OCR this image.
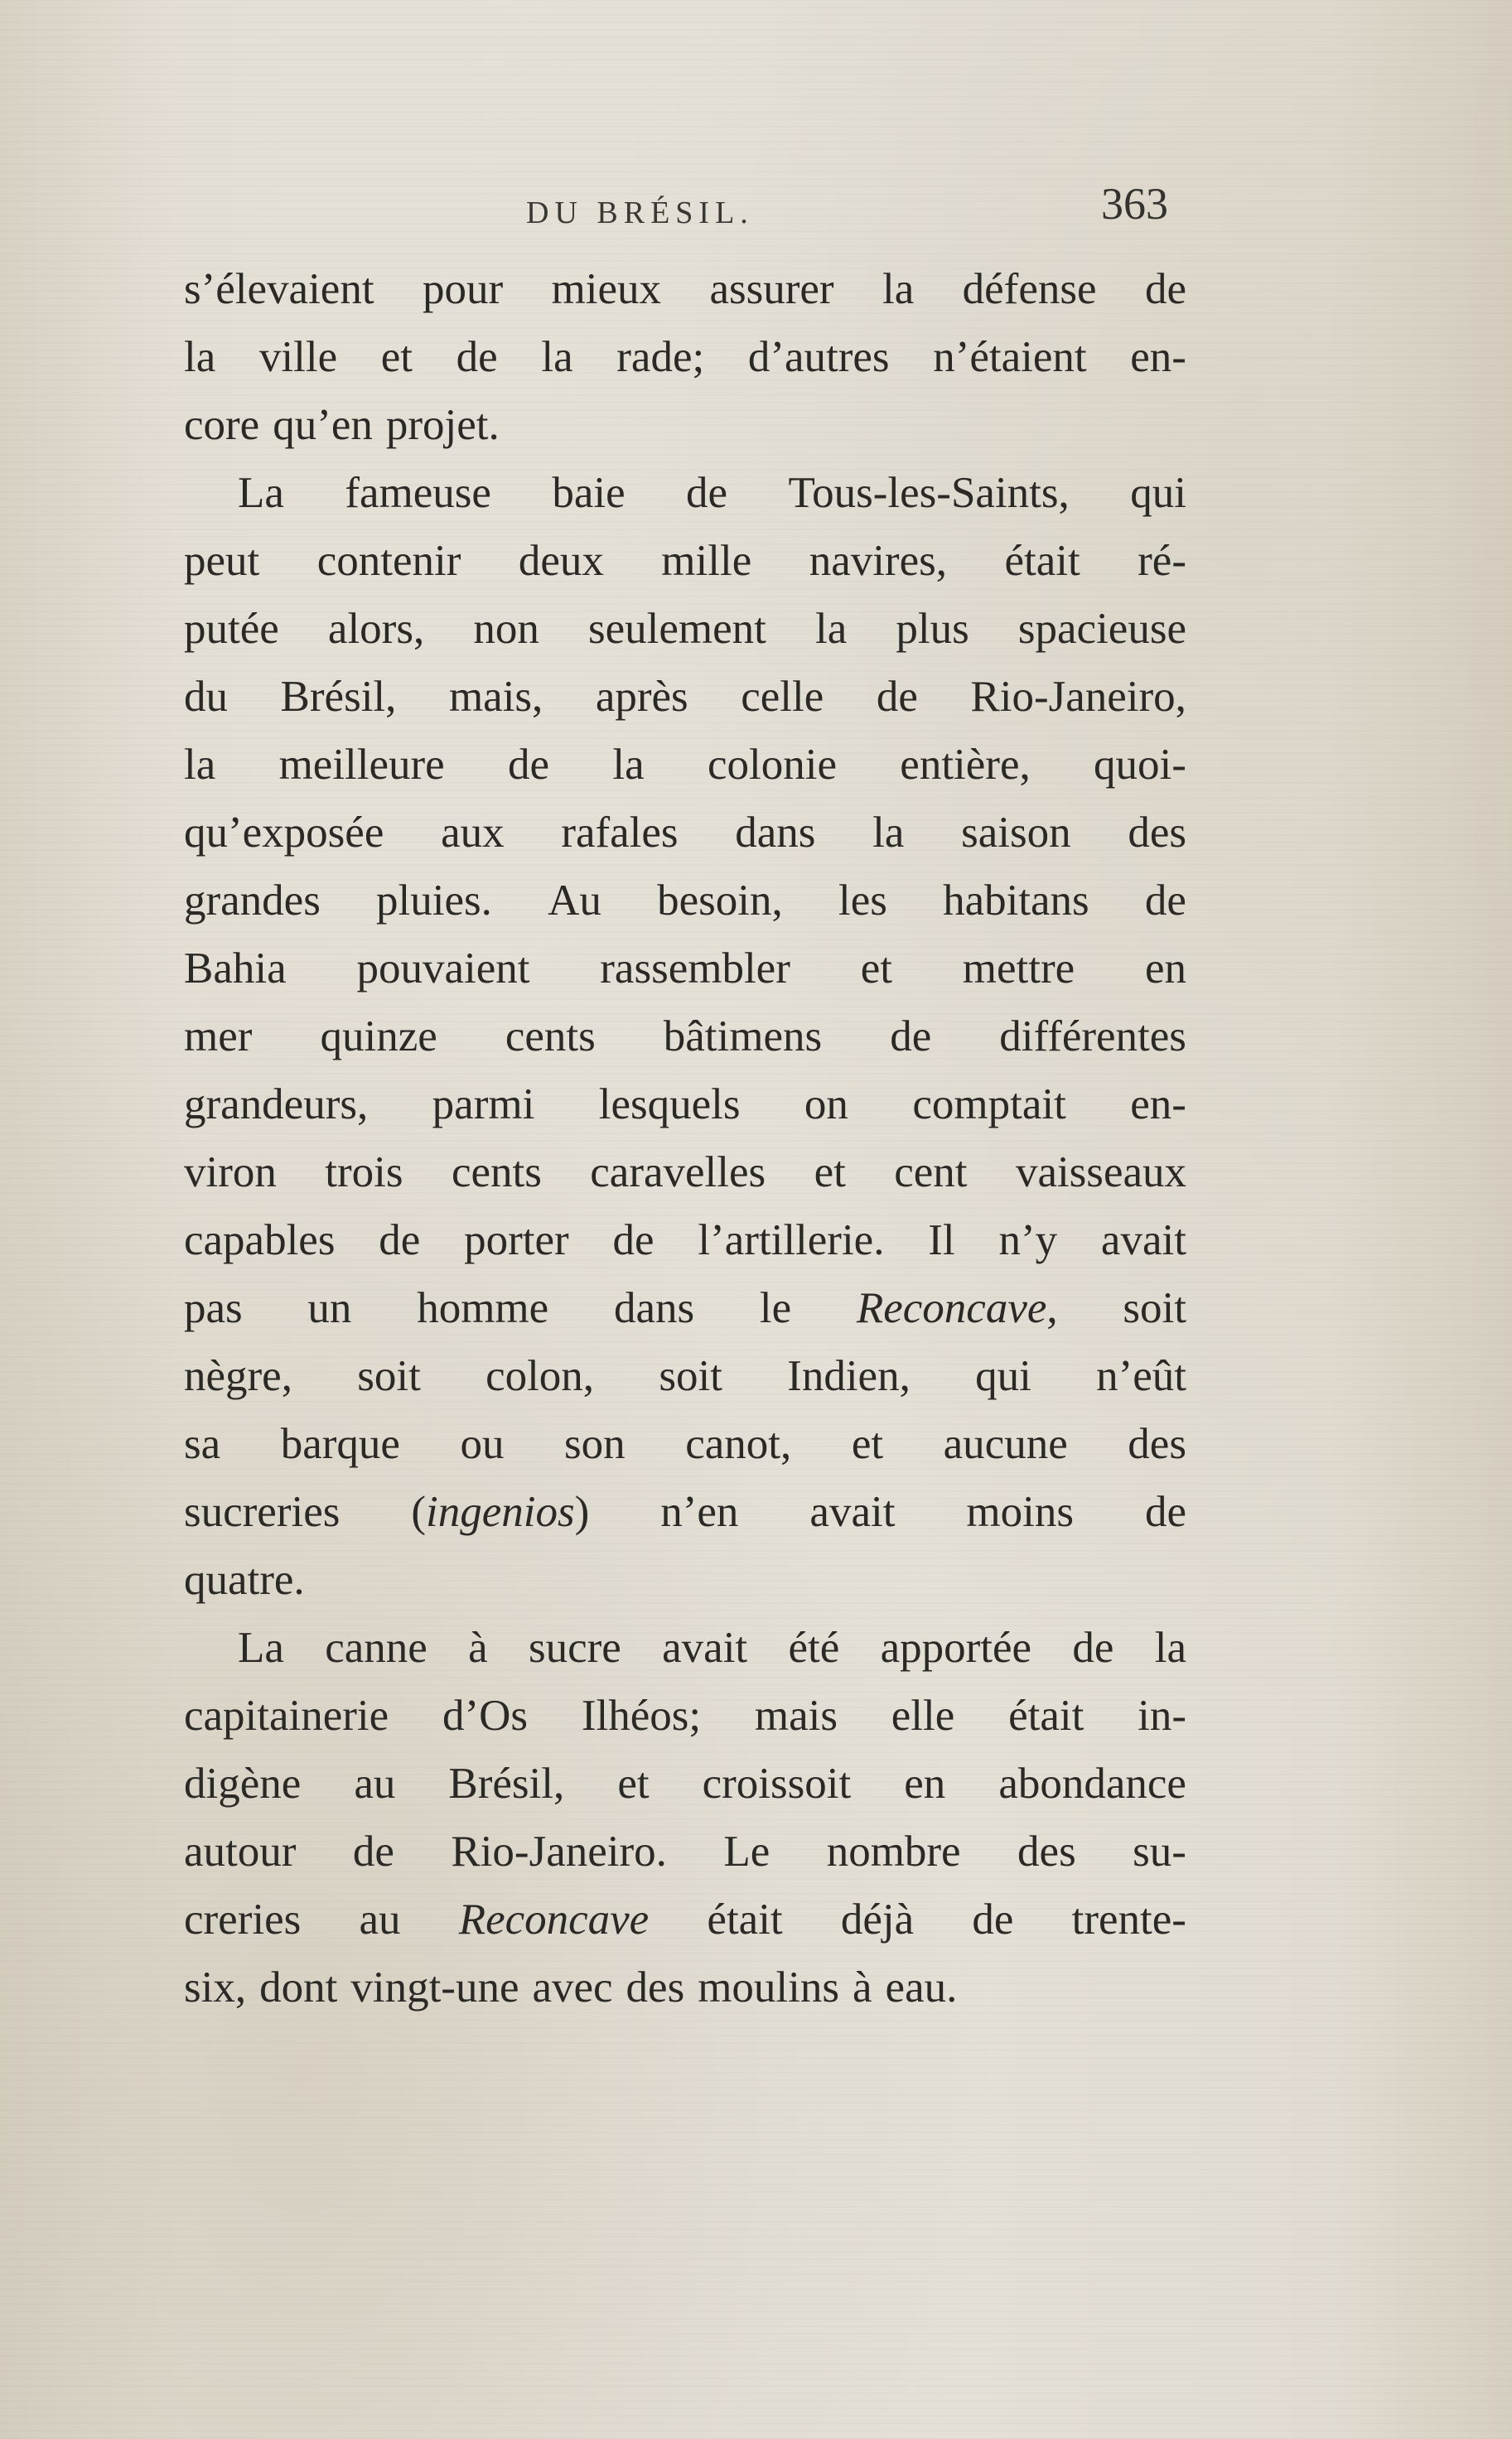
DU BRÉSIL.	363
s’élevaient pour mieux assurer la défense de
la ville et de la rade; d’autres n’étaient en-
core qu’en projet.
La fameuse baie de Tous-les-Saints, qui
peut contenir deux mille navires, était ré-
putée alors, non seulement la plus spacieuse
du Brésil, mais, après celle de Rio-Janeiro,
la meilleure de la colonie entière, quoi-
qu’exposée aux rafales dans la saison des
grandes pluies. Au besoin, les habitans de
Bahia pouvaient rassembler et mettre en
mer quinze cents bâtimens de différentes
grandeurs, parmi lesquels on comptait en-
viron trois cents caravelles et cent vaisseaux
capables de porter de l’artillerie. Il n’y avait
pas un homme dans le Reconcave, soit
nègre, soit colon, soit Indien, qui n’eût
sa barque ou son canot, et aucune des
sucreries (ingenios) n’en avait moins de
quatre.
La canne à sucre avait été apportée de la
capitainerie d’Os Ilhéos; mais elle était in-
digène au Brésil, et croissoit en abondance
autour de Rio-Janeiro. Le nombre des su-
creries au Reconcave était déjà de trente-
six, dont vingt-une avec des moulins à eau.
